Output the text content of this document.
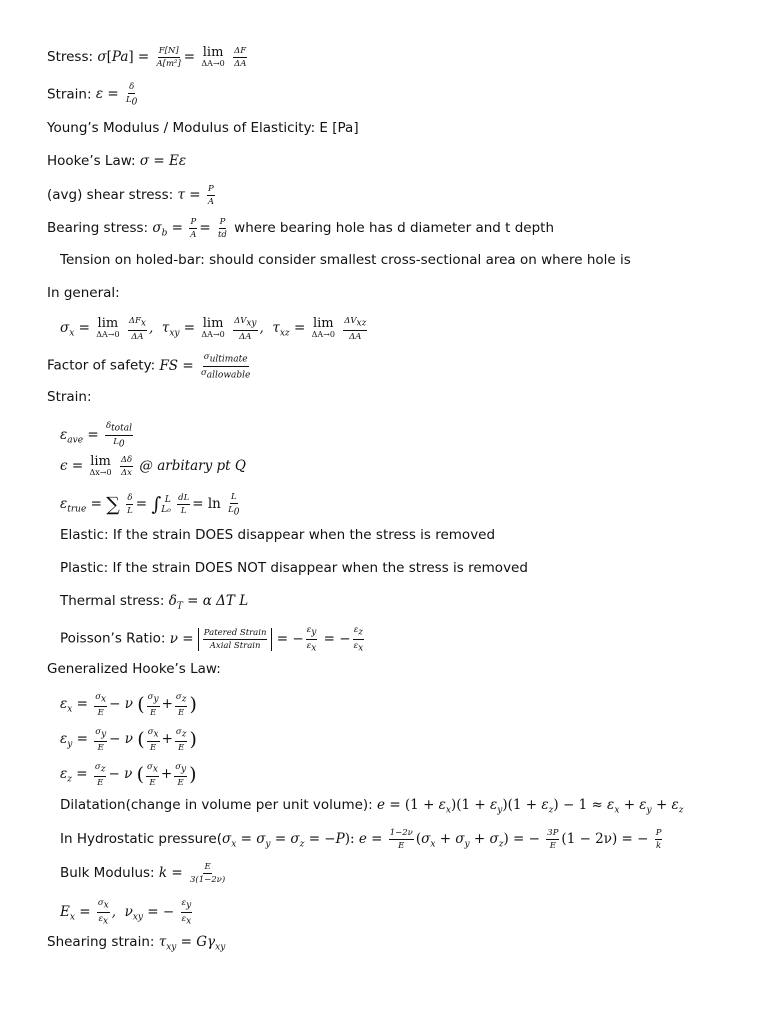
Stress: $\sigma[Pa] = \frac{F[N]}{\text{A[m²]}} = \lim$
ΔA→0
$\frac{\Delta F}{\Delta A}$
Strain: $\varepsilon = \frac{\delta}{L_0}$
Young’s Modulus / Modulus of Elasticity: E [Pa]
Hooke’s Law: σ = Eε
(avg) shear stress: $\tau = \frac{P}{A}$
Bearing stress: $\sigma_b = \frac{P}{A} = \frac{P}{td}$ where bearing hole has d diameter and t depth
Tension on holed-bar: should consider smallest cross-sectional area on where hole is
In general:
$\sigma_x = \lim$
ΔA→0

$\Delta F_x$
ΔA
,  $\tau_{xy} = \lim$
ΔA→0

$\Delta V_{xy}$
ΔA
,  $\tau_{xz} = \lim$
ΔA→0

$\Delta V_{xz}$
ΔA
Factor of safety: FS =
$\sigma_{ultimate}$
$\sigma_{allowable}$
Strain:
$\varepsilon_{ave}$ =
$\delta_{total}$
$L_0$
ϵ = lim
Δx→0
$\frac{\Delta\delta}{\Delta x}$ @ arbitary pt Q
$\varepsilon_{true}$ = ∑ $\frac{\delta}{L} = \int_{L_0}^L \frac{dL}{L} = \ln \frac{L}{L_0}$
Elastic: If the strain DOES disappear when the stress is removed
Plastic: If the strain DOES NOT disappear when the stress is removed
Thermal stress: $\delta_T = \alpha$ ΔT L
Poisson’s Ratio: ν = Patered Strain
Axial Strain = − $\frac{\varepsilon_y}{\varepsilon_x}$ = − $\frac{\varepsilon_z}{\varepsilon_x}$
Generalized Hooke’s Law:
$\varepsilon_x = \frac{\sigma_x}{E} - \nu$ ( $\frac{\sigma_y}{E} + \frac{\sigma_z}{E}$ )
$\varepsilon_y = \frac{\sigma_y}{E} - \nu$ ( $\frac{\sigma_x}{E} + \frac{\sigma_z}{E}$ )
$\varepsilon_z = \frac{\sigma_z}{E} - \nu$ ( $\frac{\sigma_x}{E} + \frac{\sigma_y}{E}$ )
Dilatation(change in volume per unit volume): $e = (1 + \varepsilon_x)(1 + \varepsilon_y)(1 + \varepsilon_z) - 1 \approx \varepsilon_x + \varepsilon_y + \varepsilon_z$
In Hydrostatic $pressure(\sigma_x = \sigma_y = \sigma_z = -P)$: $e = \frac{1-2\nu}{E} (\sigma_x + \sigma_y + \sigma_z)$ = − $\frac{3P}{E} (1 - 2\nu)$ = − $\frac{P}{k}$
Bulk Modulus: $k = \frac{E}{3(1-2\nu)}$
$E_x = \frac{\sigma_x}{\varepsilon_x}$ ,  $\nu_{xy}$ = − $\frac{\varepsilon_y}{\varepsilon_x}$
Shearing strain: $\tau_{xy} = G\gamma_{xy}$
